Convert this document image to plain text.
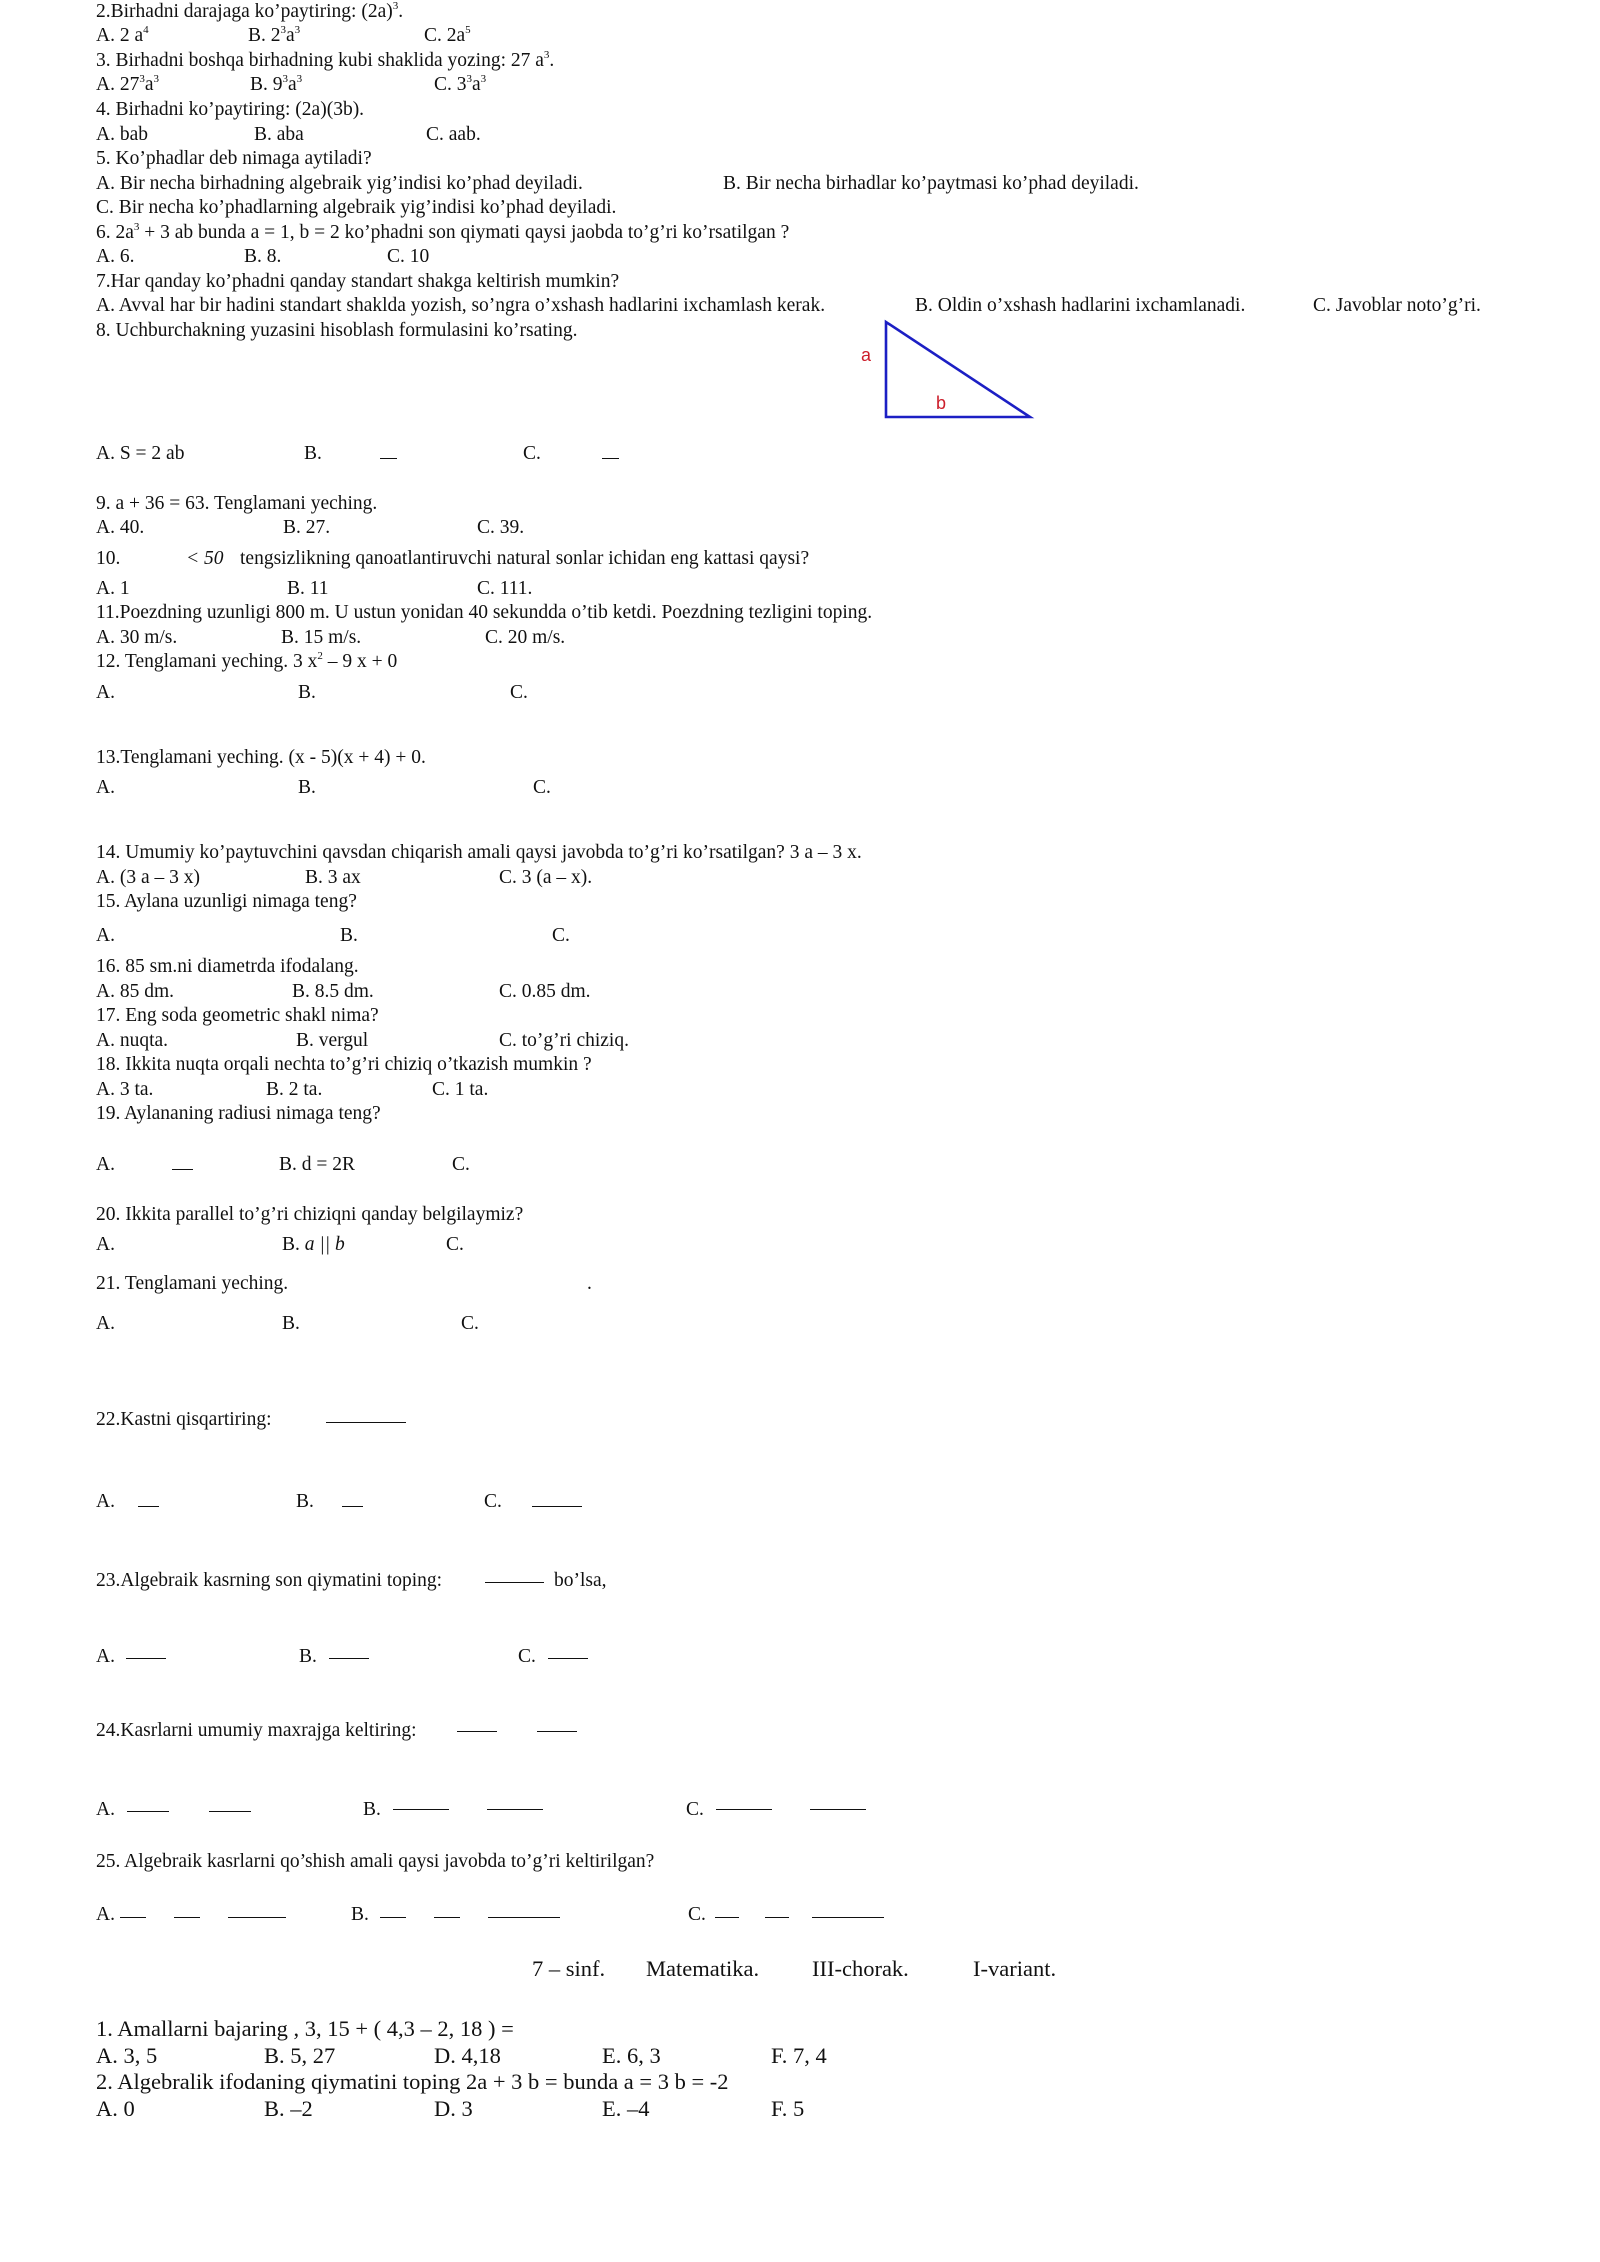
2.Birhadni darajaga ko’paytiring: $(2a)^3$.
A. 2 $a^4$	B. $2^3a^3$	C. $2a^5$
3. Birhadni boshqa birhadning kubi shaklida yozing: 27 $a^3$.
A. $27^3a^3$	B. $9^3a^3$	C. $3^3a^3$
4. Birhadni ko’paytiring: (2a)(3b).
A. bab	B. aba	C. aab.
5. Ko’phadlar deb nimaga aytiladi?
A. Bir necha birhadning algebraik yig’indisi ko’phad deyiladi.	B. Bir necha birhadlar ko’paytmasi ko’phad deyiladi.
C. Bir necha ko’phadlarning algebraik yig’indisi ko’phad deyiladi.
6. $2a^3 + 3$ ab bunda a = 1, b = 2 ko’phadni son qiymati qaysi jaobda to’g’ri ko’rsatilgan ?
A. 6.	B. 8.	C. 10
7.Har qanday ko’phadni qanday standart shakga keltirish mumkin?
A. Avval har bir hadini standart shaklda yozish, so’ngra o’xshash hadlarini ixchamlash kerak.	B. Oldin o’xshash hadlarini ixchamlanadi.	C. Javoblar noto’g’ri.
8. Uchburchakning yuzasini hisoblash formulasini ko’rsating.
a
b
A. S = 2 ab	B.	C.
9. a + 36 = 63. Tenglamani yeching.
A. 40.	B. 27.	C. 39.
10.	< 50 tengsizlikning qanoatlantiruvchi natural sonlar ichidan eng kattasi qaysi?
A. 1	B. 11	C. 111.
11.Poezdning uzunligi 800 m. U ustun yonidan 40 sekundda o’tib ketdi. Poezdning tezligini toping.
A. 30 m/s.	B. 15 m/s.	C. 20 m/s.
12. Tenglamani yeching. 3 $x^2 - 9$ x + 0
A.	B.	C.
13.Tenglamani yeching. (x - 5)(x + 4) + 0.
A.	B.	C.
14. Umumiy ko’paytuvchini qavsdan chiqarish amali qaysi javobda to’g’ri ko’rsatilgan? 3 a – 3 x.
A. (3 a – 3 x)	B. 3 ax	C. 3 (a – x).
15. Aylana uzunligi nimaga teng?
A.	B.	C.
16. 85 sm.ni diametrda ifodalang.
A. 85 dm.	B. 8.5 dm.	C. 0.85 dm.
17. Eng soda geometric shakl nima?
A. nuqta.	B. vergul	C. to’g’ri chiziq.
18. Ikkita nuqta orqali nechta to’g’ri chiziq o’tkazish mumkin ?
A. 3 ta.	B. 2 ta.	C. 1 ta.
19. Aylananing radiusi nimaga teng?
A.	B. d = 2R	C.
20. Ikkita parallel to’g’ri chiziqni qanday belgilaymiz?
A.	B. a || b	C.
21. Tenglamani yeching.	.
A.	B.	C.
22.Kastni qisqartiring:
A.	B.	C.
23.Algebraik kasrning son qiymatini toping:	bo’lsa,
A.	B.	C.
24.Kasrlarni umumiy maxrajga keltiring:
A.	B.	C.
25. Algebraik kasrlarni qo’shish amali qaysi javobda to’g’ri keltirilgan?
A.	B.	C.
7 – sinf. Matematika. III-chorak.	I-variant.
1. Amallarni bajaring , 3, 15 + ( 4,3 – 2, 18 ) =
A. 3, 5	B. 5, 27	D. 4,18	E. 6, 3	F. 7, 4
2. Algebralik ifodaning qiymatini toping 2a + 3 b = bunda a = 3 b = -2
A. 0	B. –2	D. 3	E. –4	F. 5
